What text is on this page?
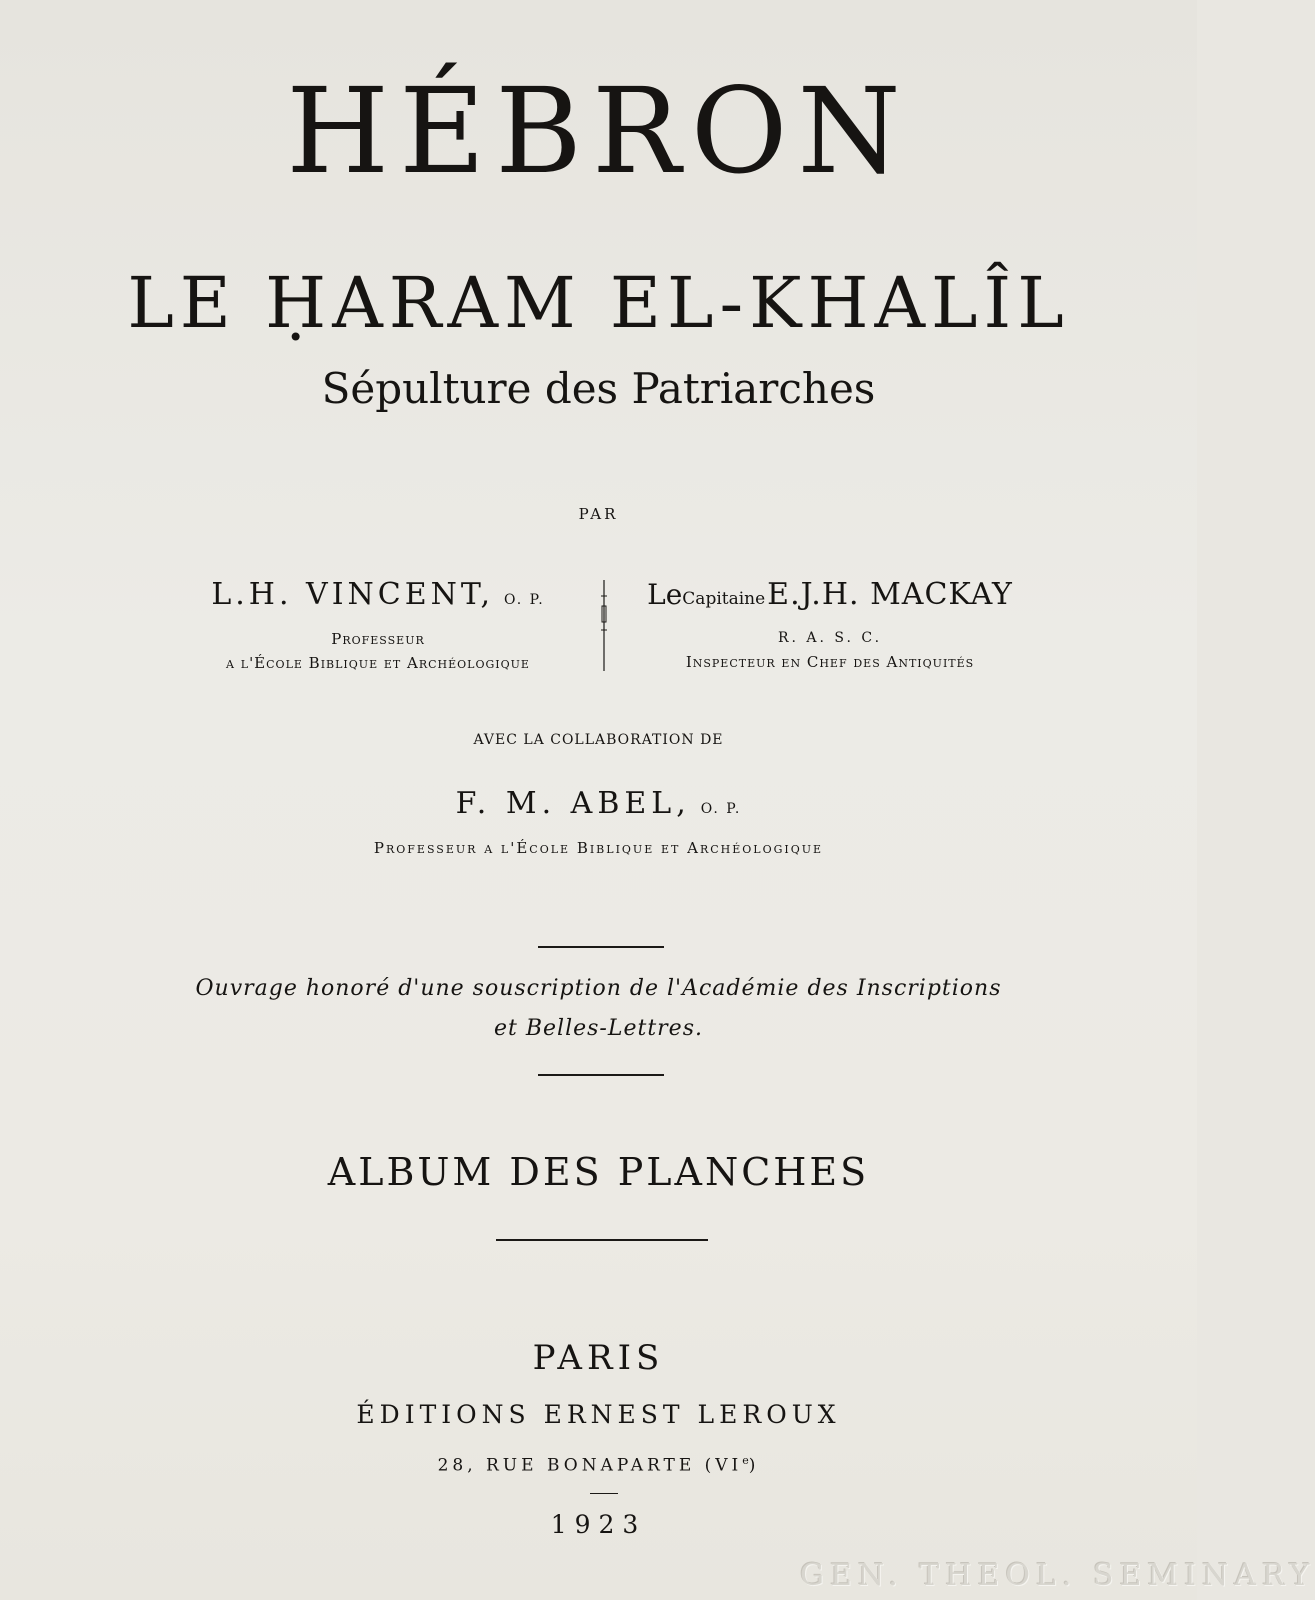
HÉBRON
LE ḤARAM EL-KHALÎL
Sépulture des Patriarches
PAR
L.H. VINCENT, O. P.
Professeur
a l'École Biblique et Archéologique
LeCapitaineE.J.H. MACKAY
R. A. S. C.
Inspecteur en Chef des Antiquités
AVEC LA COLLABORATION DE
F. M. ABEL, O. P.
Professeur a l'École Biblique et Archéologique
Ouvrage honoré d'une souscription de l'Académie des Inscriptions
et Belles-Lettres.
ALBUM DES PLANCHES
PARIS
ÉDITIONS ERNEST LEROUX
28, RUE BONAPARTE (VIe)
1923
GEN. THEOL. SEMINARY
